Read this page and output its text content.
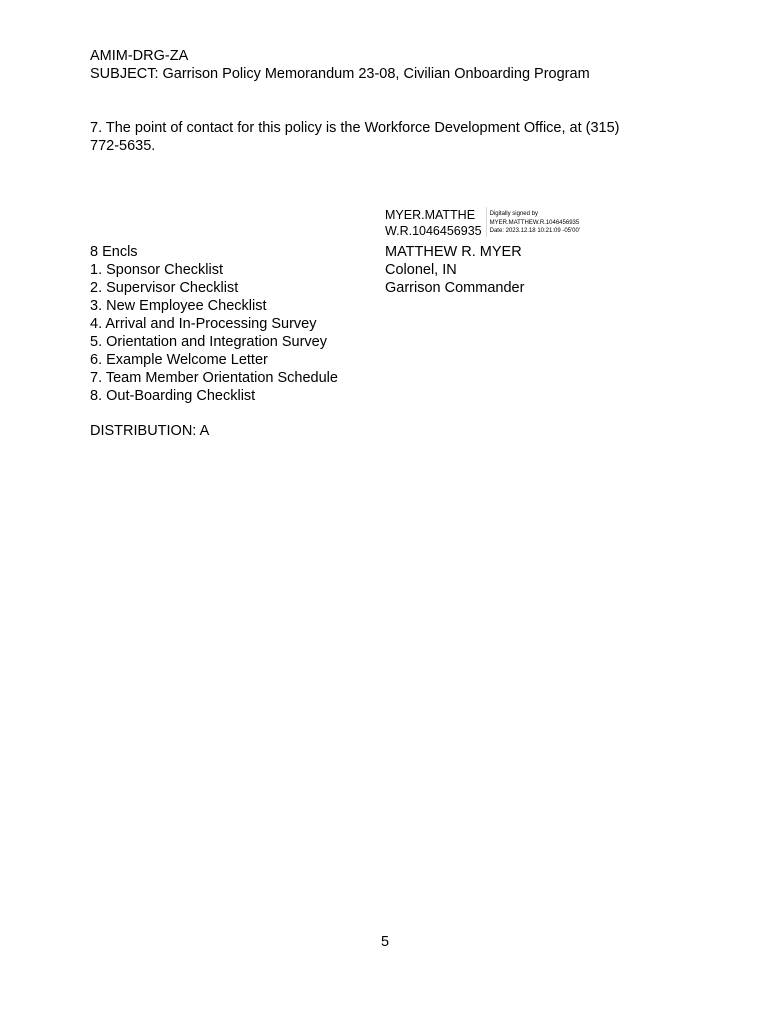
AMIM-DRG-ZA
SUBJECT: Garrison Policy Memorandum 23-08, Civilian Onboarding Program
7. The point of contact for this policy is the Workforce Development Office, at (315) 772-5635.
MYER.MATTHE
W.R.1046456935
Digitally signed by
MYER.MATTHEW.R.1046456935
Date: 2023.12.18 10:21:09 -05'00'
8 Encls
1. Sponsor Checklist
2. Supervisor Checklist
3. New Employee Checklist
4. Arrival and In-Processing Survey
5. Orientation and Integration Survey
6. Example Welcome Letter
7. Team Member Orientation Schedule
8. Out-Boarding Checklist
MATTHEW R. MYER
Colonel, IN
Garrison Commander
DISTRIBUTION: A
5
